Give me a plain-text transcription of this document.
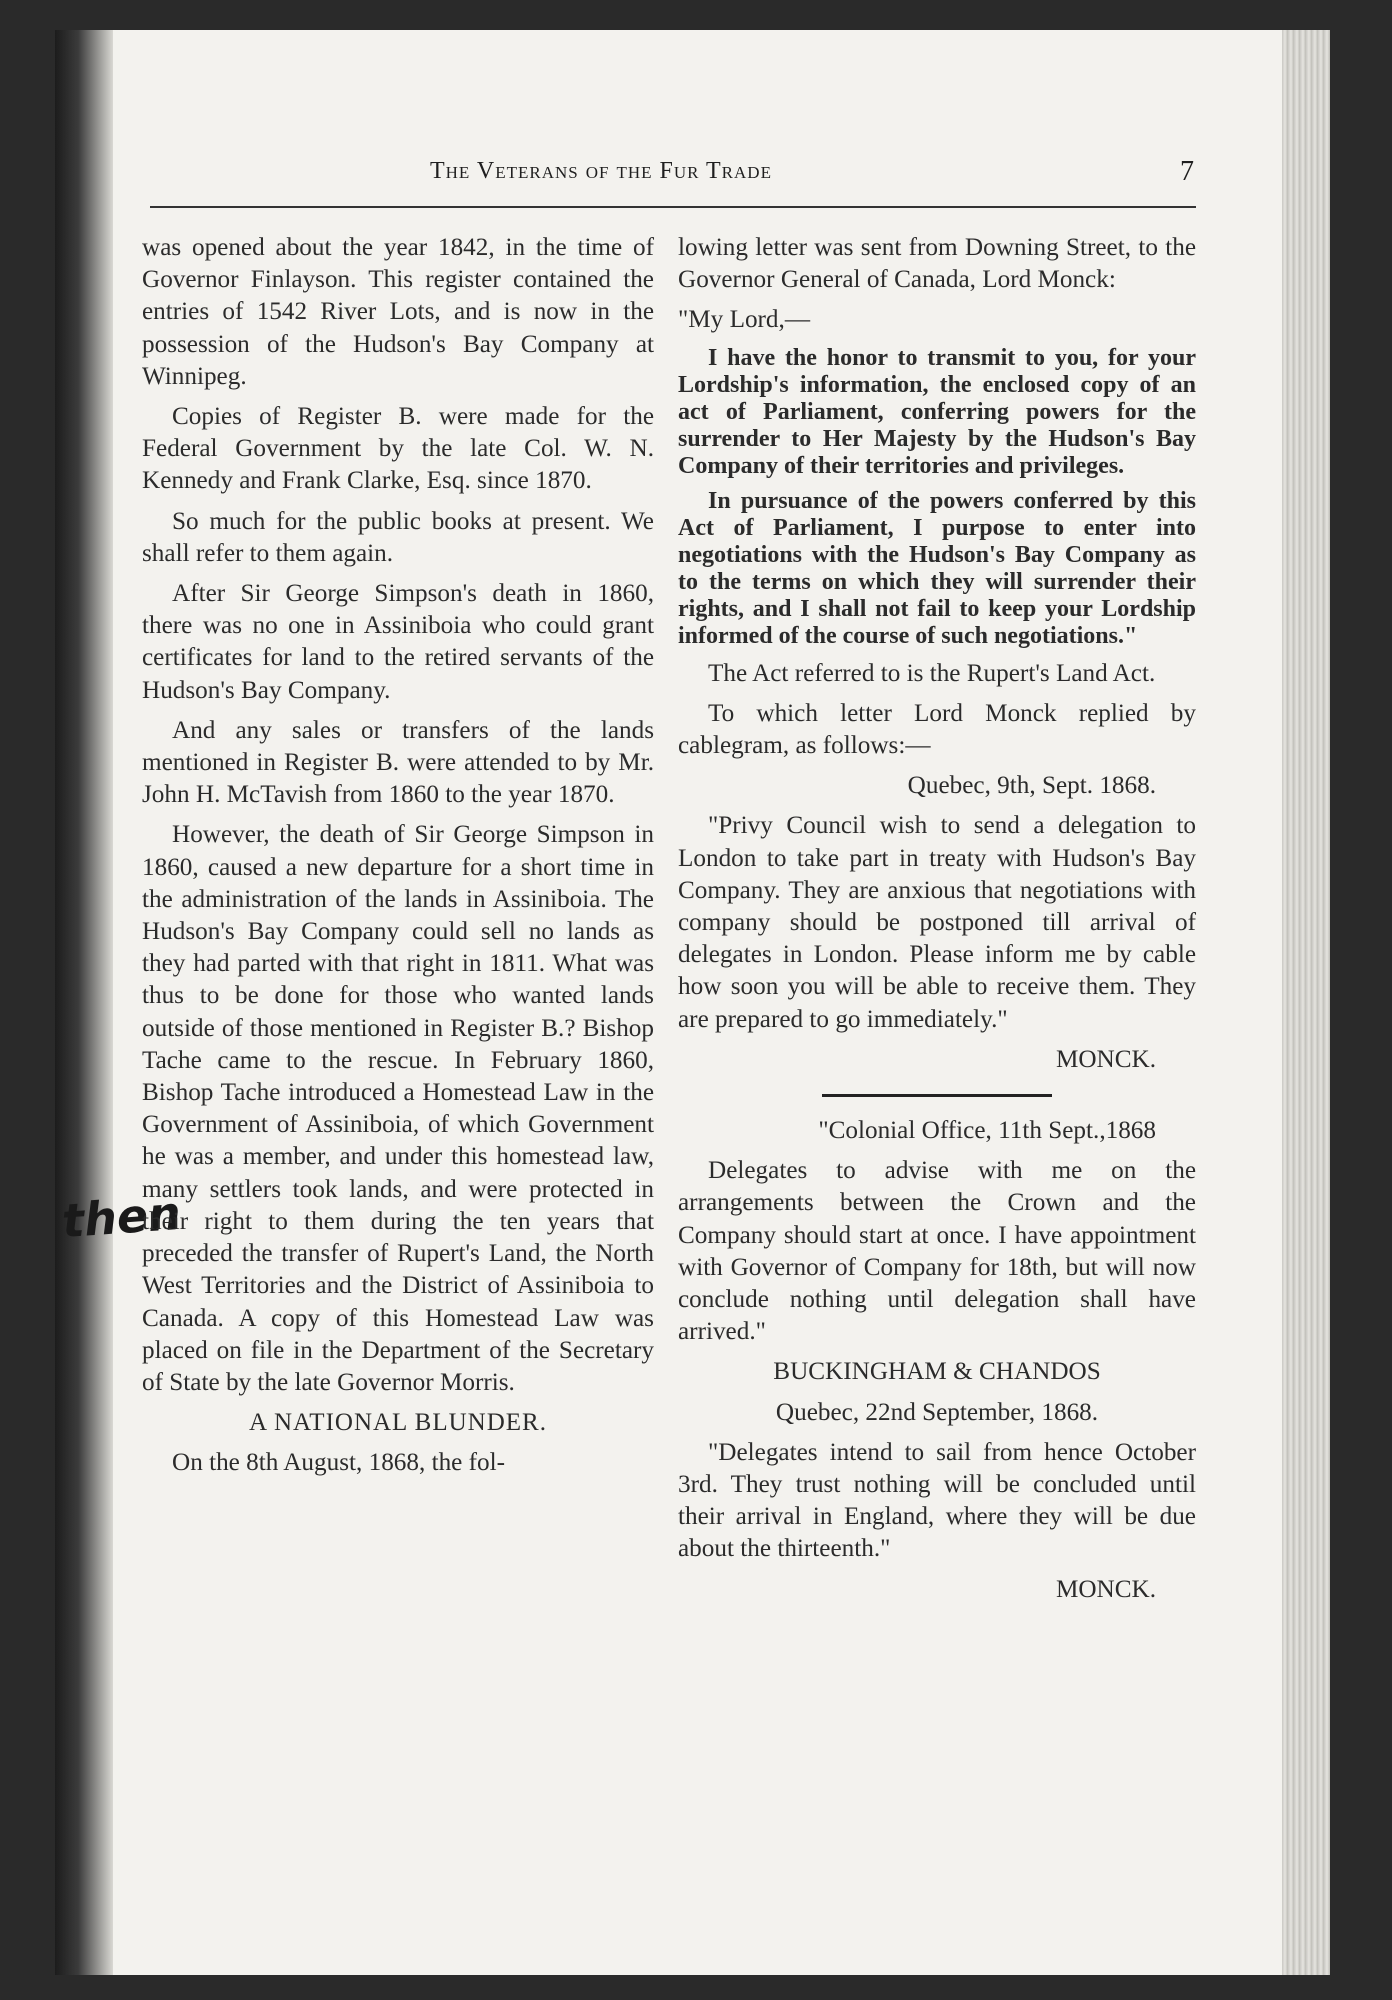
The Veterans of the Fur Trade	7
then

was opened about the year 1842, in the time of Governor Finlayson. This register contained the entries of 1542 River Lots, and is now in the possession of the Hudson's Bay Company at Winnipeg.

Copies of Register B. were made for the Federal Government by the late Col. W. N. Kennedy and Frank Clarke, Esq. since 1870.

So much for the public books at present. We shall refer to them again.

After Sir George Simpson's death in 1860, there was no one in Assiniboia who could grant certificates for land to the retired servants of the Hudson's Bay Company.

And any sales or transfers of the lands mentioned in Register B. were attended to by Mr. John H. McTavish from 1860 to the year 1870.

However, the death of Sir George Simpson in 1860, caused a new departure for a short time in the administration of the lands in Assiniboia. The Hudson's Bay Company could sell no lands as they had parted with that right in 1811. What was thus to be done for those who wanted lands outside of those mentioned in Register B.? Bishop Tache came to the rescue. In February 1860, Bishop Tache introduced a Homestead Law in the Government of Assiniboia, of which Government he was a member, and under this homestead law, many settlers took lands, and were protected in their right to them during the ten years that preceded the transfer of Rupert's Land, the North West Territories and the District of Assiniboia to Canada. A copy of this Homestead Law was placed on file in the Department of the Secretary of State by the late Governor Morris.

A NATIONAL BLUNDER.

On the 8th August, 1868, the fol-

lowing letter was sent from Downing Street, to the Governor General of Canada, Lord Monck:

"My Lord,—

I have the honor to transmit to you, for your Lordship's information, the enclosed copy of an act of Parliament, conferring powers for the surrender to Her Majesty by the Hudson's Bay Company of their territories and privileges.

In pursuance of the powers conferred by this Act of Parliament, I purpose to enter into negotiations with the Hudson's Bay Company as to the terms on which they will surrender their rights, and I shall not fail to keep your Lordship informed of the course of such negotiations."

The Act referred to is the Rupert's Land Act.

To which letter Lord Monck replied by cablegram, as follows:—

Quebec, 9th, Sept. 1868.

"Privy Council wish to send a delegation to London to take part in treaty with Hudson's Bay Company. They are anxious that negotiations with company should be postponed till arrival of delegates in London. Please inform me by cable how soon you will be able to receive them. They are prepared to go immediately."

MONCK.

"Colonial Office, 11th Sept.,1868

Delegates to advise with me on the arrangements between the Crown and the Company should start at once. I have appointment with Governor of Company for 18th, but will now conclude nothing until delegation shall have arrived."

BUCKINGHAM & CHANDOS

Quebec, 22nd September, 1868.

"Delegates intend to sail from hence October 3rd. They trust nothing will be concluded until their arrival in England, where they will be due about the thirteenth."

MONCK.
